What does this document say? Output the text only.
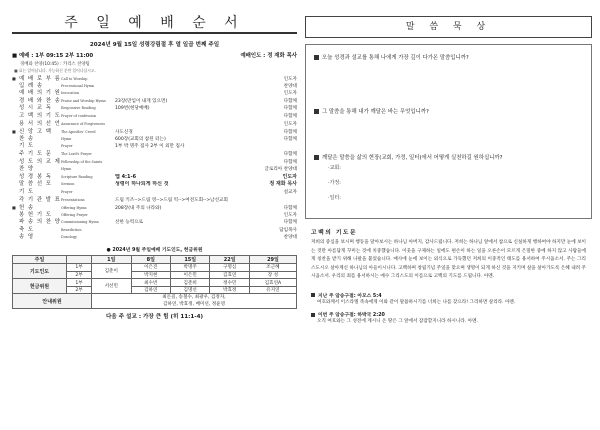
주 일 예 배 순 서
2024년 9월 15일 성령강림절 후 열 일곱 번째 주일
■ 예배 : 1부 09:15 2부 11:00	예배인도 : 정 재화 목사
경배와 찬양(10:45) : 카리스 찬양팀
■ 표는 일어납니다. 가능하신 분만 일어나십시오.
■ 예 배 로 부 름 Call to Worship	인도자
입 례 송	Processional Hymn	찬양대
예 배 의 기 원 Invocation	인도자
경 배 와 찬 송 Praise and Worship Hymn	23장(만입이 내게 있으면)	다함께
성 시 교 독	Responsive Reading	109번(현당예배)	다함께
고 백 의 기 도 Prayer of confession	다함께
용 서 의 선 언 Assurance of Forgiveness	인도자
■ 신 앙 고 백	The Apostles' Creed	사도신경	다함께
찬 송	Hymn	600장(교회의 참된 터는)	다함께
기 도	Prayer	1부 박 명주 집사 2부 이 외만 집사
주 기 도 문	The Lord's Prayer	다함께
성 도 의 교 제 Fellowship of the Saints	다함께
찬 양	Hymn	글로리아 찬양대
성 경 봉 독	Scripture Reading	엡 4:1-6	인도자
말 씀 선 포	Sermon	성령이 하나되게 하신 것	정 재화 목사
기 도	Prayer	설교자
각 기 관 발 표 Presentations	드림 키즈-->드림 영-->드림 빅-->여전도회-->남선교회
■ 헌 송	Offering Hymn	208장(내 주의 나라와)	다함께
봉 헌 기 도	Offering Prayer	인도자
파 송 의 찬 양 Commissioning Hymn	선한 능력으로	다함께
축 도	Benediction	담임목사
송 영	Doxology	찬양대
● 2024년 9월 주일예배 기도인도, 헌금위원
주일		1일	8일	15일	22일	29일
기도인도	1부	김춘이	이은진	박명주	구명심	조근혜
	2부		박지현	이은민	김효연	장 성
헌금위원	1부	서선민	최수빈	김춘희	정수민	김효연A
	2부		김하연	김명선	박효정	유지연
안내위원		최돈길, 송철수, 최광우, 김정자,
김하연, 박효정, 배미선, 정윤영				
다음 주 설교 : 가장 큰 힘 (히 11:1-4)
말 씀 묵 상
오늘 성경과 설교를 통해 나에게 가장 깊이 다가온 말씀입니까?
그 말씀을 통해 내가 깨달은 바는 무엇입니까?
깨달은 말씀을 삶의 현장(교회, 가정, 일터)에서 어떻게 실천하길 원하십니까?
·교회:
·가정:
·일터:
고백의 기도문
저희의 중심을 보시며 행동을 달아보시는 하나님 아버지, 감사드립니다. 저희는 하나님 앞에서 참으로 신실하게 행하여야 하지만 눈에 보이는 것만 아름답게 꾸미는 것에 치중했습니다. 이웃을 구제하는 일에도 편손이 하는 일을 오른손이 모르게 은밀한 중에 하지 않고 사람들에게 칭찬을 받기 위해 나팔을 불었습니다. 매사에 눈에 보이는 외식으로 가득했던 저희의 이중적인 태도를 용서하여 주시옵소서. 주는 그리스도시오 살아계신 하나님의 아들이시니다. 고백하며 창립기념 주일을 맞으며 생명이 되게 하신 것을 지키며 살을 살아가도록 은혜 내려 주시옵소서. 우리의 죄를 용서하시는 예수 그리스도의 이름으로 고백의 기도를 드립니다. 아멘.
지난 주 암송구절: 아모스 5:4
여호와께서 이스라엘 족속에게 이와 같이 말씀하시기를 너희는 나를 찾으라! 그리하면 살리라. 아멘.
이번 주 암송구절: 하박국 2:20
오직 여호와는 그 성전에 계시니 온 땅은 그 앞에서 잠잠할지니라 하시니라. 아멘.
